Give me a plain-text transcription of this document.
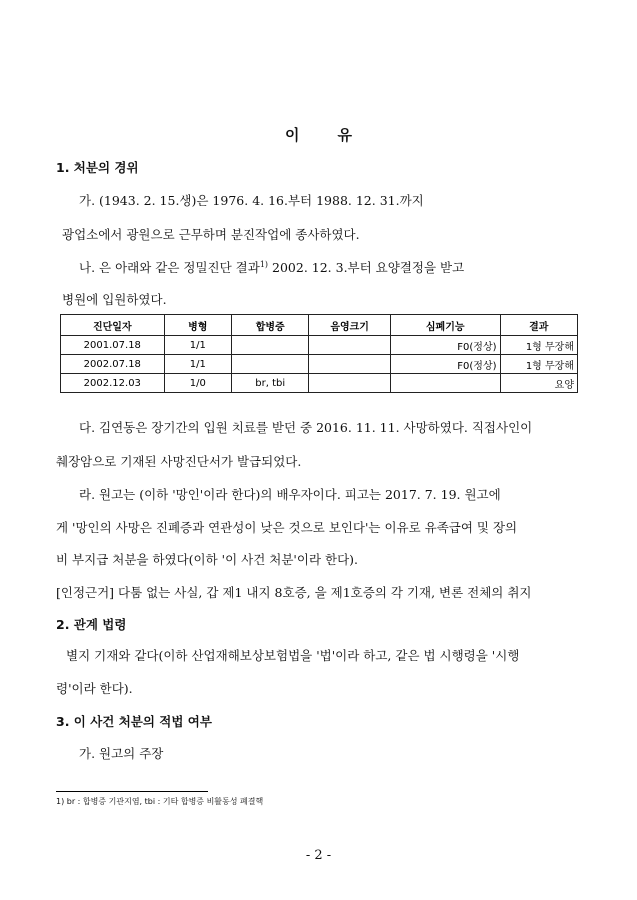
이	유
1. 처분의 경위
가. (1943. 2. 15.생)은 1976. 4. 16.부터 1988. 12. 31.까지
광업소에서 광원으로 근무하며 분진작업에 종사하였다.
나. 은 아래와 같은 정밀진단 결과$^{1)}$ 2002. 12. 3.부터 요양결정을 받고
병원에 입원하였다.
진단일자	병형	합병증	음영크기	심폐기능	결과
2001.07.18	1/1			F0(정상)	1형 무장해
2002.07.18	1/1			F0(정상)	1형 무장해
2002.12.03	1/0	br, tbi			요양
다. 김연동은 장기간의 입원 치료를 받던 중 2016. 11. 11. 사망하였다. 직접사인이
췌장암으로 기재된 사망진단서가 발급되었다.
라. 원고는 (이하 '망인'이라 한다)의 배우자이다. 피고는 2017. 7. 19. 원고에
게 '망인의 사망은 진폐증과 연관성이 낮은 것으로 보인다'는 이유로 유족급여 및 장의
비 부지급 처분을 하였다(이하 '이 사건 처분'이라 한다).
[인정근거] 다툼 없는 사실, 갑 제1 내지 8호증, 을 제1호증의 각 기재, 변론 전체의 취지
2. 관계 법령
별지 기재와 같다(이하 산업재해보상보험법을 '법'이라 하고, 같은 법 시행령을 '시행
령'이라 한다).
3. 이 사건 처분의 적법 여부
가. 원고의 주장
1) br : 합병증 기관지염, tbi : 기타 합병증 비활동성 폐결핵
- 2 -
